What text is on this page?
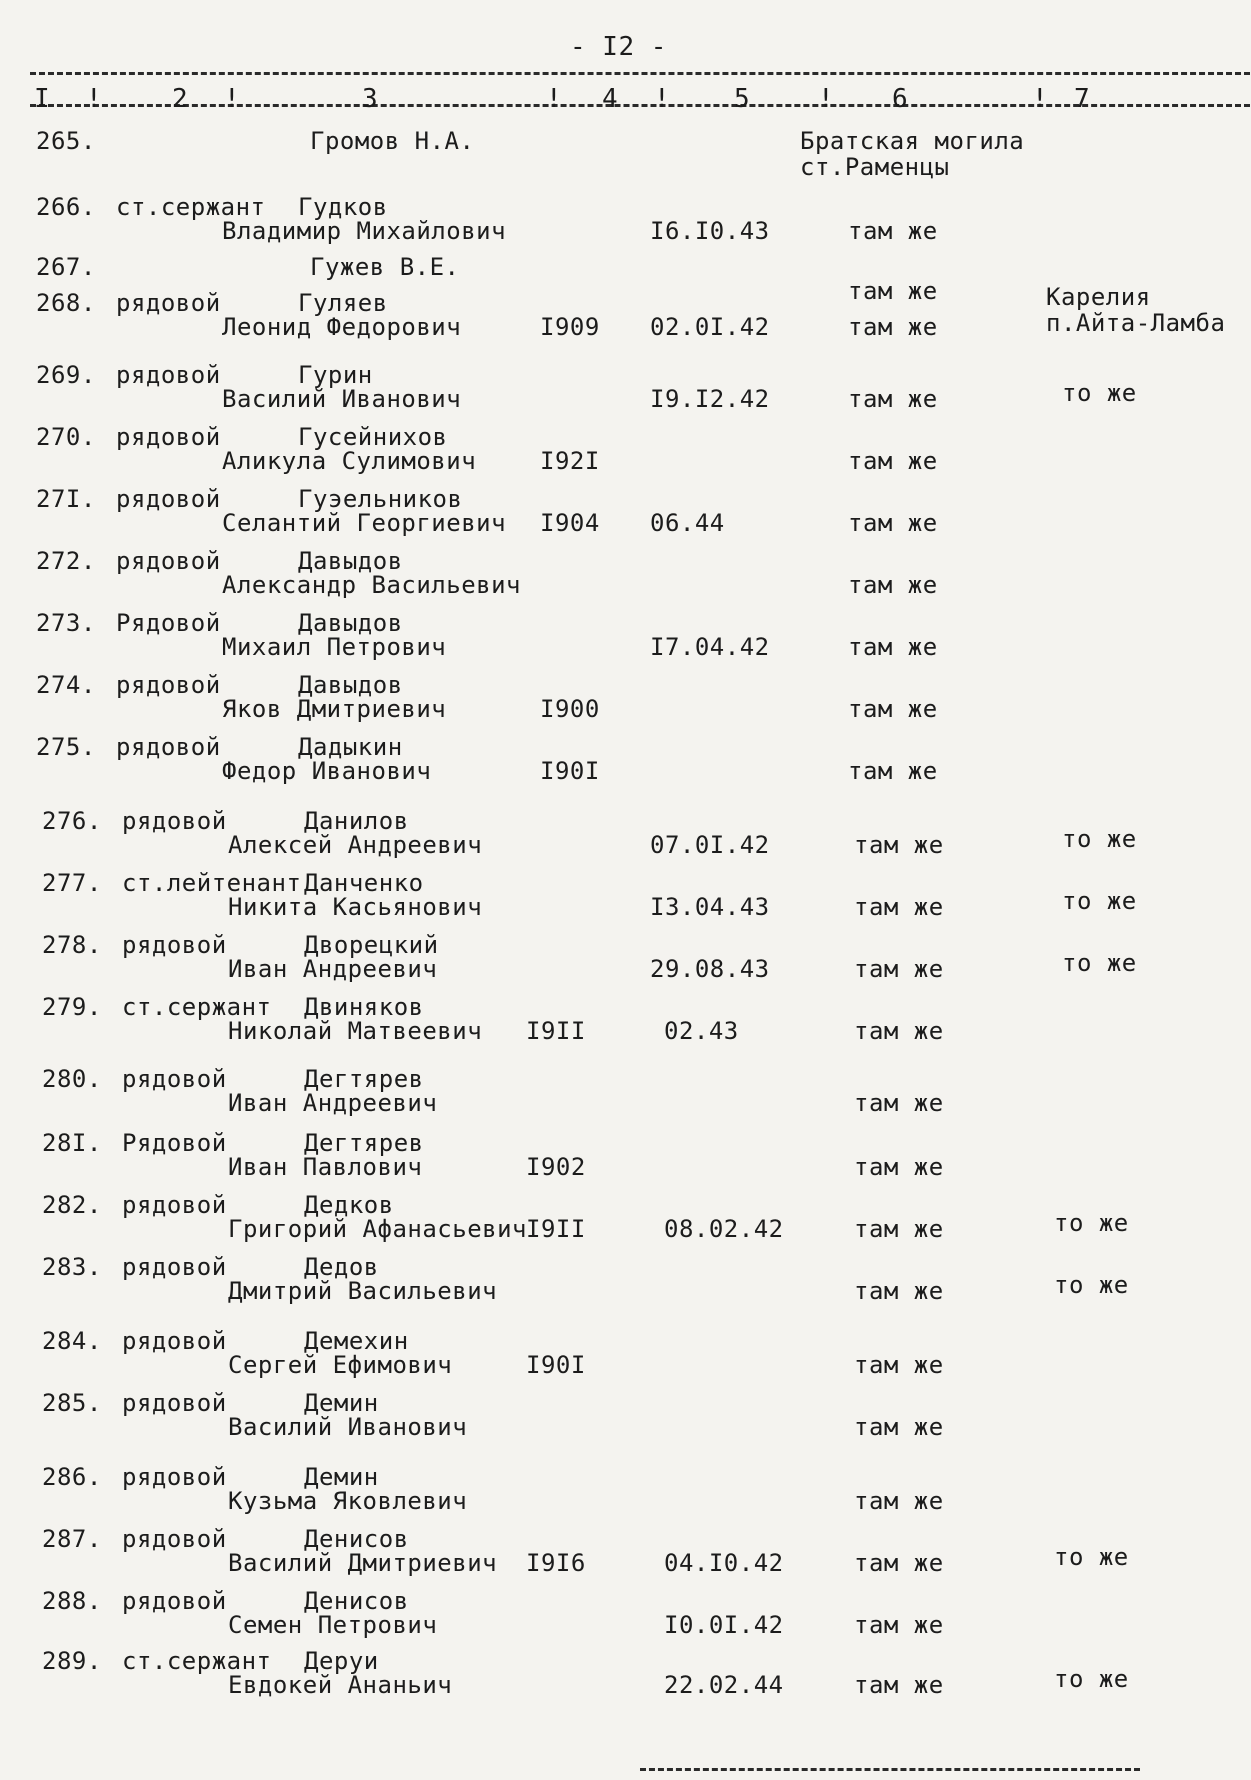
- I2 -
I !	2 !	3	! 4 ! 5	! 6	! 7
265.	Громов Н.А.	Братская могила
ст.Раменцы
266. ст.сержант Гудков
Владимир Михайлович	I6.I0.43	там же
267.	Гужев В.Е.
там же
268. рядовой	Гуляев
Леонид Федорович	I909 02.0I.42	там же
Карелия
п.Айта-Ламба
269. рядовой	Гурин
Василий Иванович	I9.I2.42	там же	то же
270. рядовой	Гусейнихов
Аликула Сулимович	I92I	там же
27I. рядовой	Гуэельников
Селантий Георгиевич I904 06.44	там же
272. рядовой	Давыдов
Александр Васильевич	там же
273. Рядовой	Давыдов
Михаил Петрович	I7.04.42	там же
274. рядовой	Давыдов
Яков Дмитриевич	I900	там же
275. рядовой	Дадыкин
Федор Иванович	I90I	там же
276. рядовой	Данилов
Алексей Андреевич	07.0I.42	там же	то же
277. ст.лейтенант Данченко
Никита Касьянович	I3.04.43	там же	то же
278. рядовой	Дворецкий
Иван Андреевич	29.08.43	там же	то же
279. ст.сержант Двиняков
Николай Матвеевич I9II	02.43	там же
280. рядовой	Дегтярев
Иван Андреевич	там же
28I. Рядовой	Дегтярев
Иван Павлович	I902	там же
282. рядовой	Дедков
Григорий Афанасьевич I9II	08.02.42	там же	то же
283. рядовой	Дедов
Дмитрий Васильевич	там же	то же
284. рядовой	Демехин
Сергей Ефимович	I90I	там же
285. рядовой	Демин
Василий Иванович	там же
286. рядовой	Демин
Кузьма Яковлевич	там же
287. рядовой	Денисов
Василий Дмитриевич I9I6	04.I0.42	там же	то же
288. рядовой	Денисов
Семен Петрович	I0.0I.42	там же
289. ст.сержант Деруи
Евдокей Ананьич	22.02.44	там же	то же
